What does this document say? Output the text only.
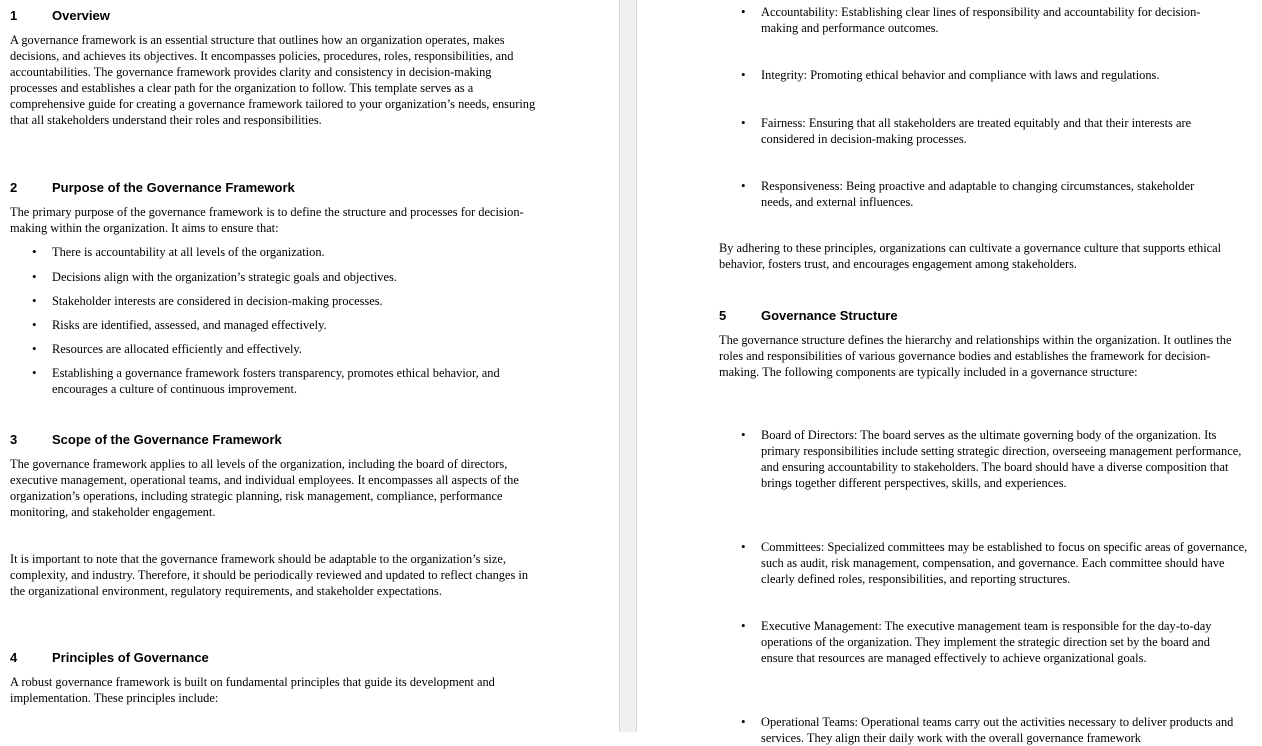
1	Overview
A governance framework is an essential structure that outlines how an organization operates, makes decisions, and achieves its objectives. It encompasses policies, procedures, roles, responsibilities, and accountabilities. The governance framework provides clarity and consistency in decision-making processes and establishes a clear path for the organization to follow. This template serves as a comprehensive guide for creating a governance framework tailored to your organization’s needs, ensuring that all stakeholders understand their roles and responsibilities.
2	Purpose of the Governance Framework
The primary purpose of the governance framework is to define the structure and processes for decision-making within the organization. It aims to ensure that:
• There is accountability at all levels of the organization.
• Decisions align with the organization’s strategic goals and objectives.
• Stakeholder interests are considered in decision-making processes.
• Risks are identified, assessed, and managed effectively.
• Resources are allocated efficiently and effectively.
• Establishing a governance framework fosters transparency, promotes ethical behavior, and encourages a culture of continuous improvement.
3	Scope of the Governance Framework
The governance framework applies to all levels of the organization, including the board of directors, executive management, operational teams, and individual employees. It encompasses all aspects of the organization’s operations, including strategic planning, risk management, compliance, performance monitoring, and stakeholder engagement.
It is important to note that the governance framework should be adaptable to the organization’s size, complexity, and industry. Therefore, it should be periodically reviewed and updated to reflect changes in the organizational environment, regulatory requirements, and stakeholder expectations.
4	Principles of Governance
A robust governance framework is built on fundamental principles that guide its development and implementation. These principles include:
• Accountability: Establishing clear lines of responsibility and accountability for decision-making and performance outcomes.
• Integrity: Promoting ethical behavior and compliance with laws and regulations.
• Fairness: Ensuring that all stakeholders are treated equitably and that their interests are considered in decision-making processes.
• Responsiveness: Being proactive and adaptable to changing circumstances, stakeholder needs, and external influences.
By adhering to these principles, organizations can cultivate a governance culture that supports ethical behavior, fosters trust, and encourages engagement among stakeholders.
5	Governance Structure
The governance structure defines the hierarchy and relationships within the organization. It outlines the roles and responsibilities of various governance bodies and establishes the framework for decision-making. The following components are typically included in a governance structure:
• Board of Directors: The board serves as the ultimate governing body of the organization. Its primary responsibilities include setting strategic direction, overseeing management performance, and ensuring accountability to stakeholders. The board should have a diverse composition that brings together different perspectives, skills, and experiences.
• Committees: Specialized committees may be established to focus on specific areas of governance, such as audit, risk management, compensation, and governance. Each committee should have clearly defined roles, responsibilities, and reporting structures.
• Executive Management: The executive management team is responsible for the day-to-day operations of the organization. They implement the strategic direction set by the board and ensure that resources are managed effectively to achieve organizational goals.
• Operational Teams: Operational teams carry out the activities necessary to deliver products and services. They align their daily work with the overall governance framework
